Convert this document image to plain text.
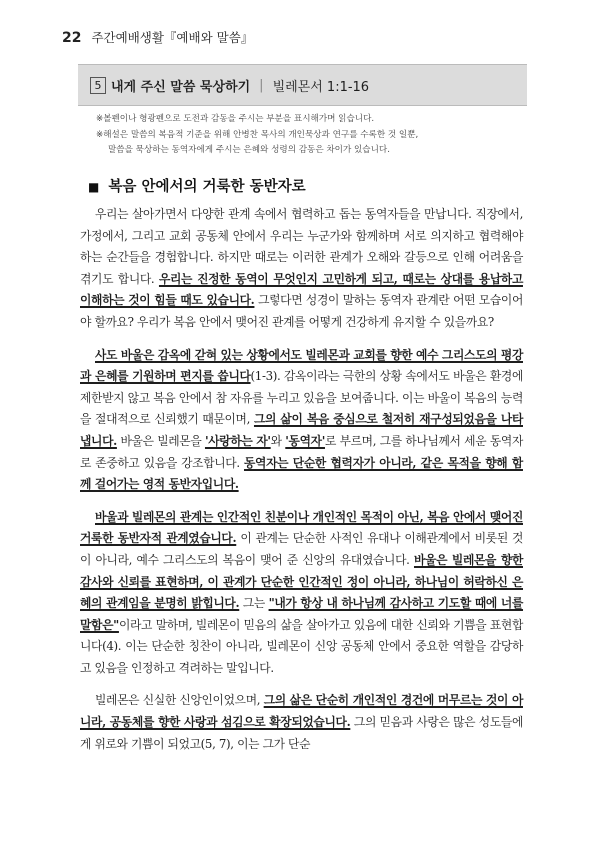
22 주간예배생활『예배와 말씀』
5 내게 주신 말씀 묵상하기 | 빌레몬서 1:1-16
※볼펜이나 형광펜으로 도전과 감동을 주시는 부분을 표시해가며 읽습니다.
※해설은 말씀의 복음적 기준을 위해 안병찬 목사의 개인묵상과 연구를 수록한 것 일뿐,
말씀을 묵상하는 동역자에게 주시는 은혜와 성령의 감동은 차이가 있습니다.
■ 복음 안에서의 거룩한 동반자로

우리는 살아가면서 다양한 관계 속에서 협력하고 돕는 동역자들을 만납니다. 직장에서, 가정에서, 그리고 교회 공동체 안에서 우리는 누군가와 함께하며 서로 의지하고 협력해야 하는 순간들을 경험합니다. 하지만 때로는 이러한 관계가 오해와 갈등으로 인해 어려움을 겪기도 합니다. 우리는 진정한 동역이 무엇인지 고민하게 되고, 때로는 상대를 용납하고 이해하는 것이 힘들 때도 있습니다. 그렇다면 성경이 말하는 동역자 관계란 어떤 모습이어야 할까요? 우리가 복음 안에서 맺어진 관계를 어떻게 건강하게 유지할 수 있을까요?

사도 바울은 감옥에 갇혀 있는 상황에서도 빌레몬과 교회를 향한 예수 그리스도의 평강과 은혜를 기원하며 편지를 씁니다(1-3). 감옥이라는 극한의 상황 속에서도 바울은 환경에 제한받지 않고 복음 안에서 참 자유를 누리고 있음을 보여줍니다. 이는 바울이 복음의 능력을 절대적으로 신뢰했기 때문이며, 그의 삶이 복음 중심으로 철저히 재구성되었음을 나타냅니다. 바울은 빌레몬을 '사랑하는 자'와 '동역자'로 부르며, 그를 하나님께서 세운 동역자로 존중하고 있음을 강조합니다. 동역자는 단순한 협력자가 아니라, 같은 목적을 향해 함께 걸어가는 영적 동반자입니다.

바울과 빌레몬의 관계는 인간적인 친분이나 개인적인 목적이 아닌, 복음 안에서 맺어진 거룩한 동반자적 관계였습니다. 이 관계는 단순한 사적인 유대나 이해관계에서 비롯된 것이 아니라, 예수 그리스도의 복음이 맺어 준 신앙의 유대였습니다. 바울은 빌레몬을 향한 감사와 신뢰를 표현하며, 이 관계가 단순한 인간적인 정이 아니라, 하나님이 허락하신 은혜의 관계임을 분명히 밝힙니다. 그는 "내가 항상 내 하나님께 감사하고 기도할 때에 너를 말함은"이라고 말하며, 빌레몬이 믿음의 삶을 살아가고 있음에 대한 신뢰와 기쁨을 표현합니다(4). 이는 단순한 칭찬이 아니라, 빌레몬이 신앙 공동체 안에서 중요한 역할을 감당하고 있음을 인정하고 격려하는 말입니다.

빌레몬은 신실한 신앙인이었으며, 그의 삶은 단순히 개인적인 경건에 머무르는 것이 아니라, 공동체를 향한 사랑과 섬김으로 확장되었습니다. 그의 믿음과 사랑은 많은 성도들에게 위로와 기쁨이 되었고(5, 7), 이는 그가 단순
